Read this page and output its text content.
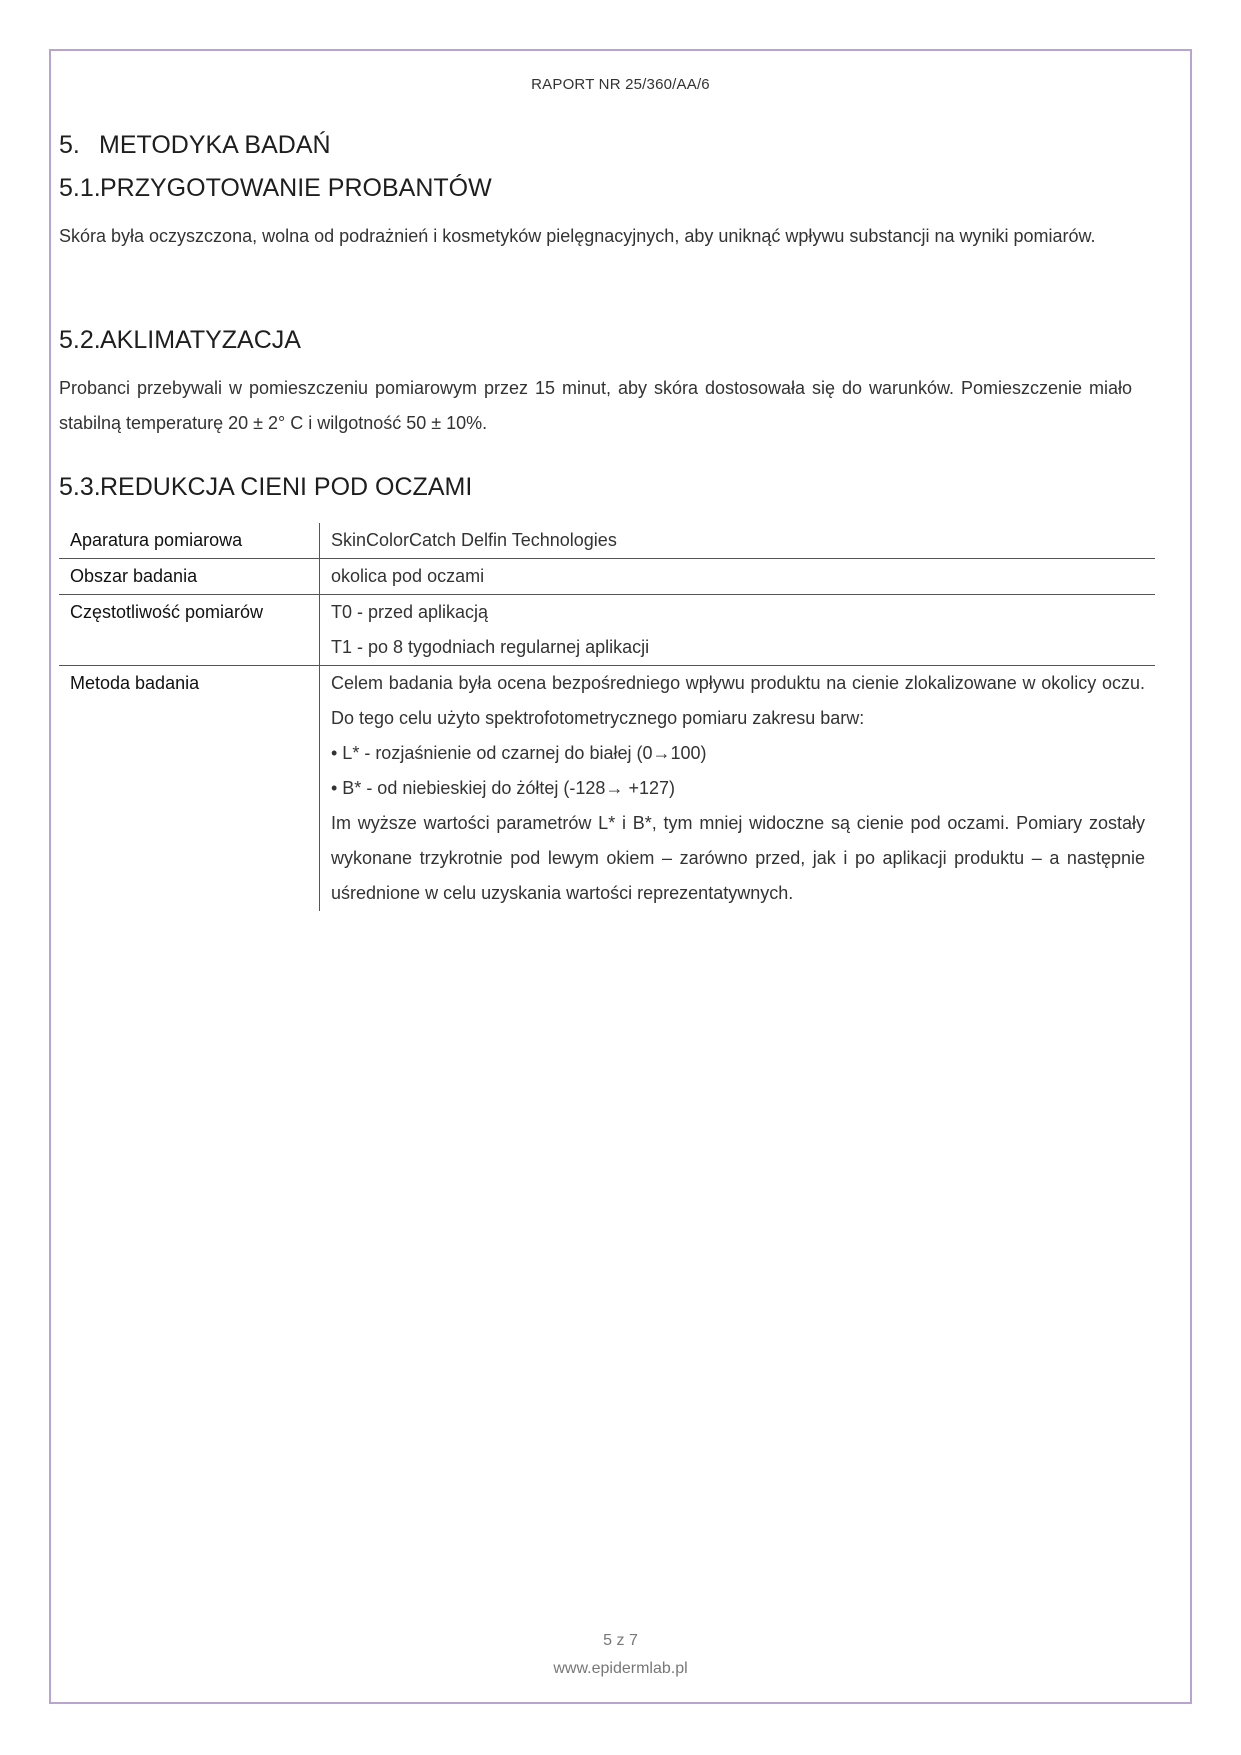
RAPORT NR 25/360/AA/6
5. METODYKA BADAŃ
5.1.PRZYGOTOWANIE PROBANTÓW
Skóra była oczyszczona, wolna od podrażnień i kosmetyków pielęgnacyjnych, aby uniknąć wpływu substancji na wyniki pomiarów.
5.2.AKLIMATYZACJA
Probanci przebywali w pomieszczeniu pomiarowym przez 15 minut, aby skóra dostosowała się do warunków. Pomieszczenie miało stabilną temperaturę 20 ± 2° C i wilgotność 50 ± 10%.
5.3.REDUKCJA CIENI POD OCZAMI
Aparatura pomiarowa	SkinColorCatch Delfin Technologies
Obszar badania	okolica pod oczami
Częstotliwość pomiarów	T0 - przed aplikacją
T1 - po 8 tygodniach regularnej aplikacji

Metoda badania	Celem badania była ocena bezpośredniego wpływu produktu na cienie zlokalizowane w okolicy oczu. Do tego celu użyto spektrofotometrycznego pomiaru zakresu barw:
• L* - rozjaśnienie od czarnej do białej (0→100)
• B* - od niebieskiej do żółtej (-128→ +127)
Im wyższe wartości parametrów L* i B*, tym mniej widoczne są cienie pod oczami. Pomiary zostały wykonane trzykrotnie pod lewym okiem – zarówno przed, jak i po aplikacji produktu – a następnie uśrednione w celu uzyskania wartości reprezentatywnych.
5 z 7
www.epidermlab.pl
